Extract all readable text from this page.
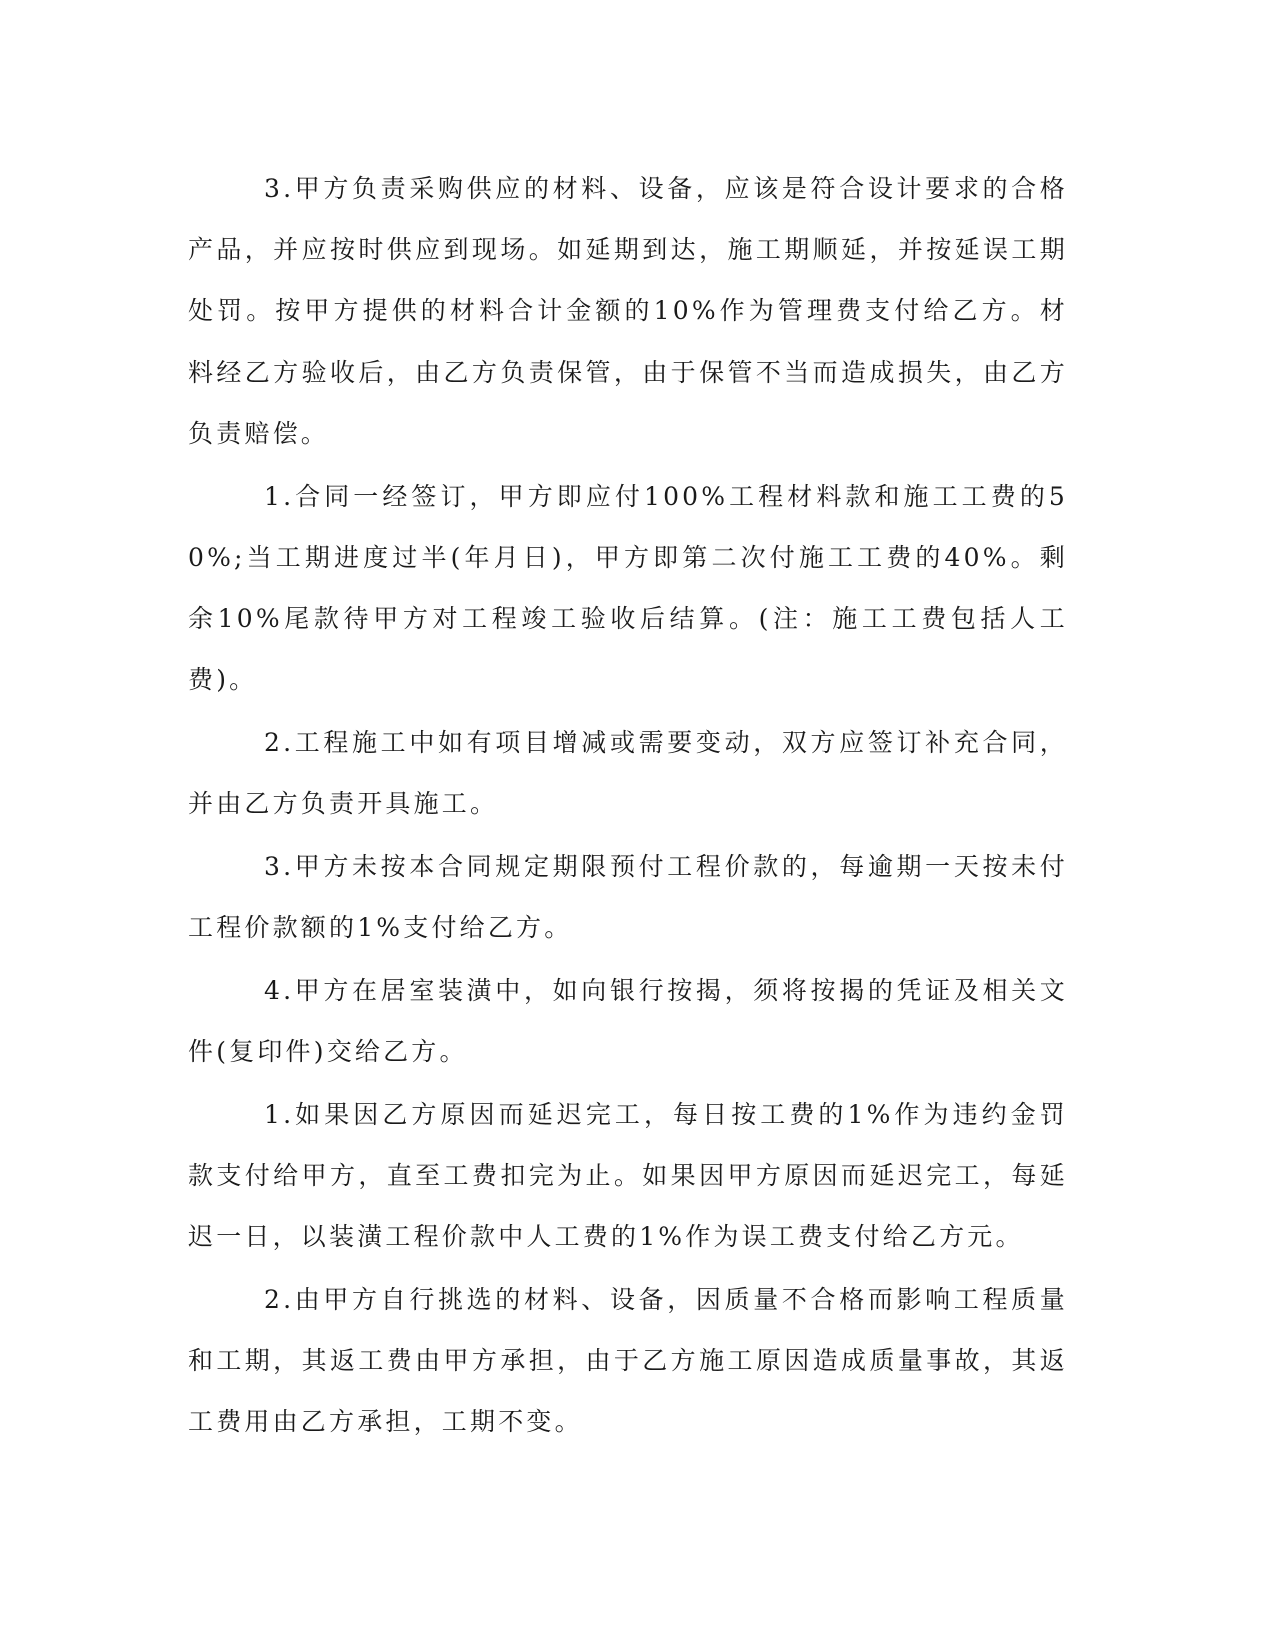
3.甲方负责采购供应的材料、设备，应该是符合设计要求的合格产品，并应按时供应到现场。如延期到达，施工期顺延，并按延误工期处罚。按甲方提供的材料合计金额的10%作为管理费支付给乙方。材料经乙方验收后，由乙方负责保管，由于保管不当而造成损失，由乙方负责赔偿。

1.合同一经签订，甲方即应付100%工程材料款和施工工费的50%;当工期进度过半(年月日)，甲方即第二次付施工工费的40%。剩余10%尾款待甲方对工程竣工验收后结算。(注：施工工费包括人工费)。

2.工程施工中如有项目增减或需要变动，双方应签订补充合同，并由乙方负责开具施工。

3.甲方未按本合同规定期限预付工程价款的，每逾期一天按未付工程价款额的1%支付给乙方。

4.甲方在居室装潢中，如向银行按揭，须将按揭的凭证及相关文件(复印件)交给乙方。

1.如果因乙方原因而延迟完工，每日按工费的1%作为违约金罚款支付给甲方，直至工费扣完为止。如果因甲方原因而延迟完工，每延迟一日，以装潢工程价款中人工费的1%作为误工费支付给乙方元。

2.由甲方自行挑选的材料、设备，因质量不合格而影响工程质量和工期，其返工费由甲方承担，由于乙方施工原因造成质量事故，其返工费用由乙方承担，工期不变。
